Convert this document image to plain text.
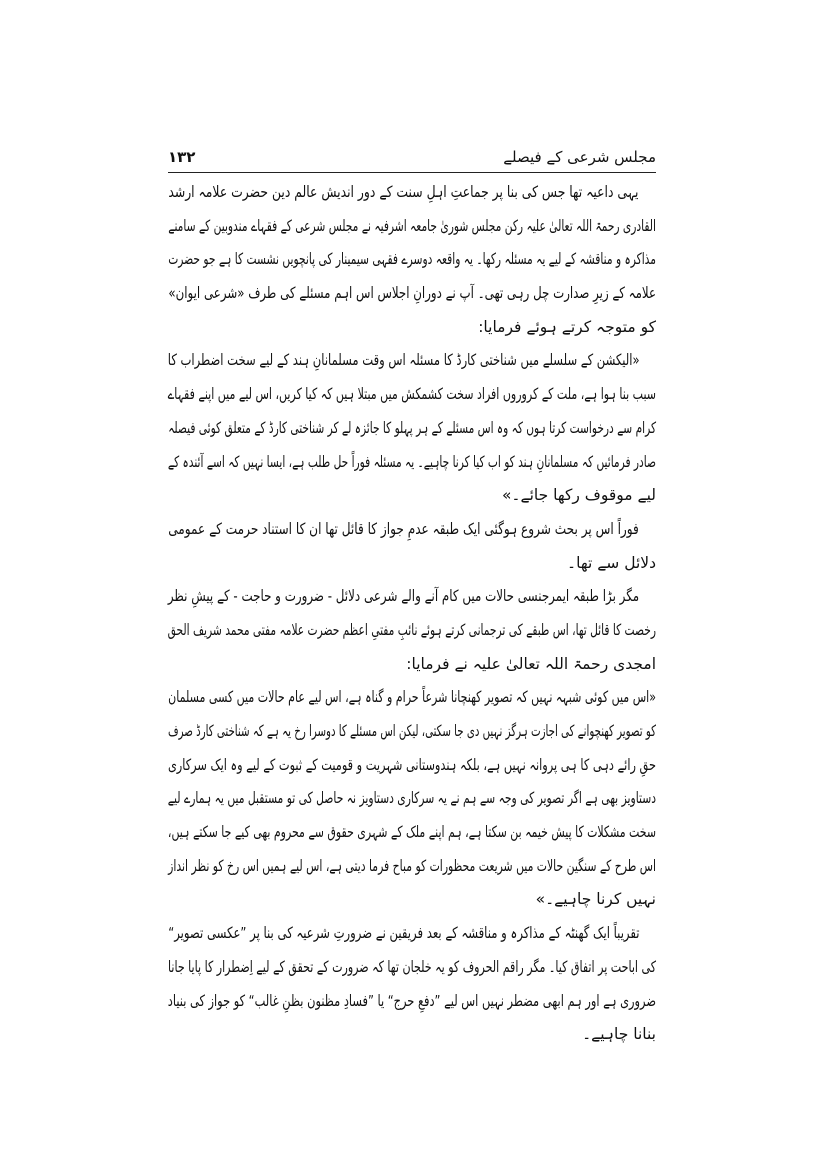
مجلس شرعی کے فیصلے
۱۳۲
یہی داعیہ تھا جس کی بنا پر جماعتِ اہلِ سنت کے دور اندیش عالم دین حضرت علامہ ارشد
القادری رحمۃ اللہ تعالیٰ علیہ رکن مجلس شوریٰ جامعہ اشرفیہ نے مجلس شرعی کے فقہاے مندوبین کے سامنے
مذاکرہ و مناقشہ کے لیے یہ مسئلہ رکھا۔ یہ واقعہ دوسرے فقہی سیمینار کی پانچویں نشست کا ہے جو حضرت
علامہ کے زیرِ صدارت چل رہی تھی۔ آپ نے دورانِ اجلاس اس اہم مسئلے کی طرف «شرعی ایوان»
کو متوجہ کرتے ہوئے فرمایا:
«الیکشن کے سلسلے میں شناختی کارڈ کا مسئلہ اس وقت مسلمانانِ ہند کے لیے سخت اضطراب کا
سبب بنا ہوا ہے، ملت کے کروروں افراد سخت کشمکش میں مبتلا ہیں کہ کیا کریں، اس لیے میں اپنے فقہاے
کرام سے درخواست کرتا ہوں کہ وہ اس مسئلے کے ہر پہلو کا جائزہ لے کر شناختی کارڈ کے متعلق کوئی فیصلہ
صادر فرمائیں کہ مسلمانانِ ہند کو اب کیا کرنا چاہیے۔ یہ مسئلہ فوراً حل طلب ہے، ایسا نہیں کہ اسے آئندہ کے
لیے موقوف رکھا جائے۔»
فوراً اس پر بحث شروع ہوگئی ایک طبقہ عدمِ جواز کا قائل تھا ان کا استناد حرمت کے عمومی
دلائل سے تھا۔
مگر بڑا طبقہ ایمرجنسی حالات میں کام آنے والے شرعی دلائل - ضرورت و حاجت - کے پیشِ نظر
رخصت کا قائل تھا، اس طبقے کی ترجمانی کرتے ہوئے نائبِ مفتیِ اعظم حضرت علامہ مفتی محمد شریف الحق
امجدی رحمۃ اللہ تعالیٰ علیہ نے فرمایا:
«اس میں کوئی شبہہ نہیں کہ تصویر کھنچانا شرعاً حرام و گناہ ہے، اس لیے عام حالات میں کسی مسلمان
کو تصویر کھنچوانے کی اجازت ہرگز نہیں دی جا سکتی، لیکن اس مسئلے کا دوسرا رخ یہ ہے کہ شناختی کارڈ صرف
حقِ رائے دہی کا ہی پروانہ نہیں ہے، بلکہ ہندوستانی شہریت و قومیت کے ثبوت کے لیے وہ ایک سرکاری
دستاویز بھی ہے اگر تصویر کی وجہ سے ہم نے یہ سرکاری دستاویز نہ حاصل کی تو مستقبل میں یہ ہمارے لیے
سخت مشکلات کا پیش خیمہ بن سکتا ہے، ہم اپنے ملک کے شہری حقوق سے محروم بھی کیے جا سکتے ہیں،
اس طرح کے سنگین حالات میں شریعت محظورات کو مباح فرما دیتی ہے، اس لیے ہمیں اس رخ کو نظر انداز
نہیں کرنا چاہیے۔»
تقریباً ایک گھنٹہ کے مذاکرہ و مناقشہ کے بعد فریقین نے ضرورتِ شرعیہ کی بنا پر ”عکسی تصویر“
کی اباحت پر اتفاق کیا۔ مگر راقم الحروف کو یہ خلجان تھا کہ ضرورت کے تحقق کے لیے اِضطرار کا پایا جانا
ضروری ہے اور ہم ابھی مضطر نہیں اس لیے ”دفعِ حرج“ یا ”فسادِ مظنون بظنِ غالب“ کو جواز کی بنیاد
بنانا چاہیے۔
